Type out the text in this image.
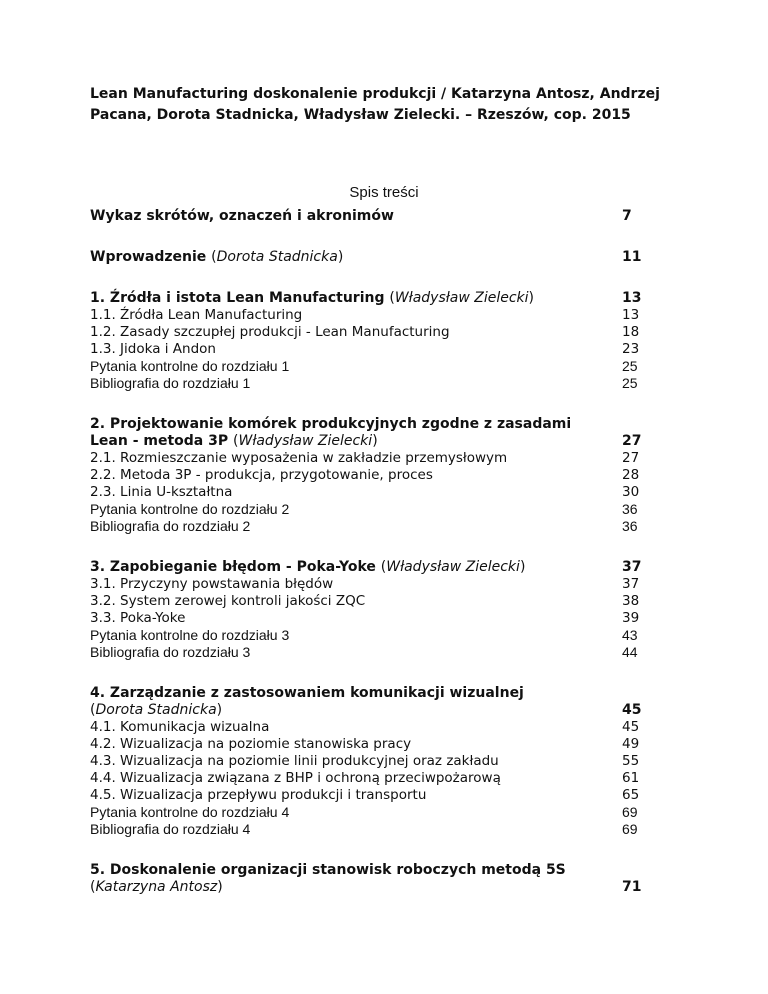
Lean Manufacturing doskonalenie produkcji / Katarzyna Antosz, Andrzej Pacana, Dorota Stadnicka, Władysław Zielecki. – Rzeszów, cop. 2015
Spis treści
Wykaz skrótów, oznaczeń i akronimów	7
Wprowadzenie (Dorota Stadnicka)	11
1. Źródła i istota Lean Manufacturing (Władysław Zielecki)	13
1.1. Źródła Lean Manufacturing	13
1.2. Zasady szczupłej produkcji - Lean Manufacturing	18
1.3. Jidoka i Andon	23
Pytania kontrolne do rozdziału 1	25
Bibliografia do rozdziału 1	25
2. Projektowanie komórek produkcyjnych zgodne z zasadami
Lean - metoda 3P (Władysław Zielecki)	27
2.1. Rozmieszczanie wyposażenia w zakładzie przemysłowym	27
2.2. Metoda 3P - produkcja, przygotowanie, proces	28
2.3. Linia U-kształtna	30
Pytania kontrolne do rozdziału 2	36
Bibliografia do rozdziału 2	36
3. Zapobieganie błędom - Poka-Yoke (Władysław Zielecki)	37
3.1. Przyczyny powstawania błędów	37
3.2. System zerowej kontroli jakości ZQC	38
3.3. Poka-Yoke	39
Pytania kontrolne do rozdziału 3	43
Bibliografia do rozdziału 3	44
4. Zarządzanie z zastosowaniem komunikacji wizualnej
(Dorota Stadnicka)	45
4.1. Komunikacja wizualna	45
4.2. Wizualizacja na poziomie stanowiska pracy	49
4.3. Wizualizacja na poziomie linii produkcyjnej oraz zakładu	55
4.4. Wizualizacja związana z BHP i ochroną przeciwpożarową	61
4.5. Wizualizacja przepływu produkcji i transportu	65
Pytania kontrolne do rozdziału 4	69
Bibliografia do rozdziału 4	69
5. Doskonalenie organizacji stanowisk roboczych metodą 5S
(Katarzyna Antosz)	71
